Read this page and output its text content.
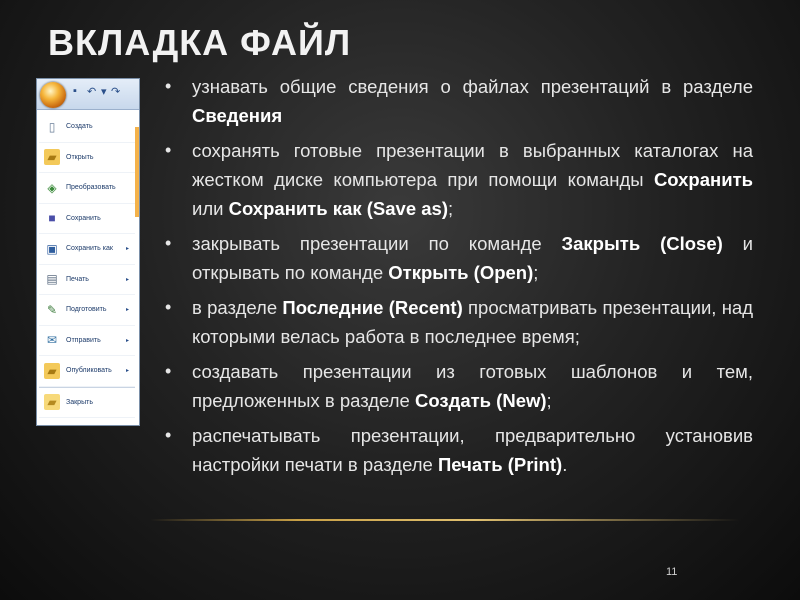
ВКЛАДКА ФАЙЛ
▪ ↶ ▾ ↷
▯	Создать
▰	Открыть
◈	Преобразовать
■	Сохранить
▣	Сохранить как ▸
▤	Печать	▸
✎	Подготовить	▸
✉	Отправить	▸
▰	Опубликовать ▸
▰	Закрыть
• узнавать общие сведения о файлах презентаций в разделе Сведения
• сохранять готовые презентации в выбранных каталогах на жестком диске компьютера при помощи команды Сохранить или Сохранить как (Save as);
• закрывать презентации по команде Закрыть (Close) и открывать по команде Открыть (Open);
• в разделе Последние (Recent) просматривать презентации, над которыми велась работа в последнее время;
• создавать презентации из готовых шаблонов и тем, предложенных в разделе Создать (New);
• распечатывать презентации, предварительно установив настройки печати в разделе Печать (Print).
11
